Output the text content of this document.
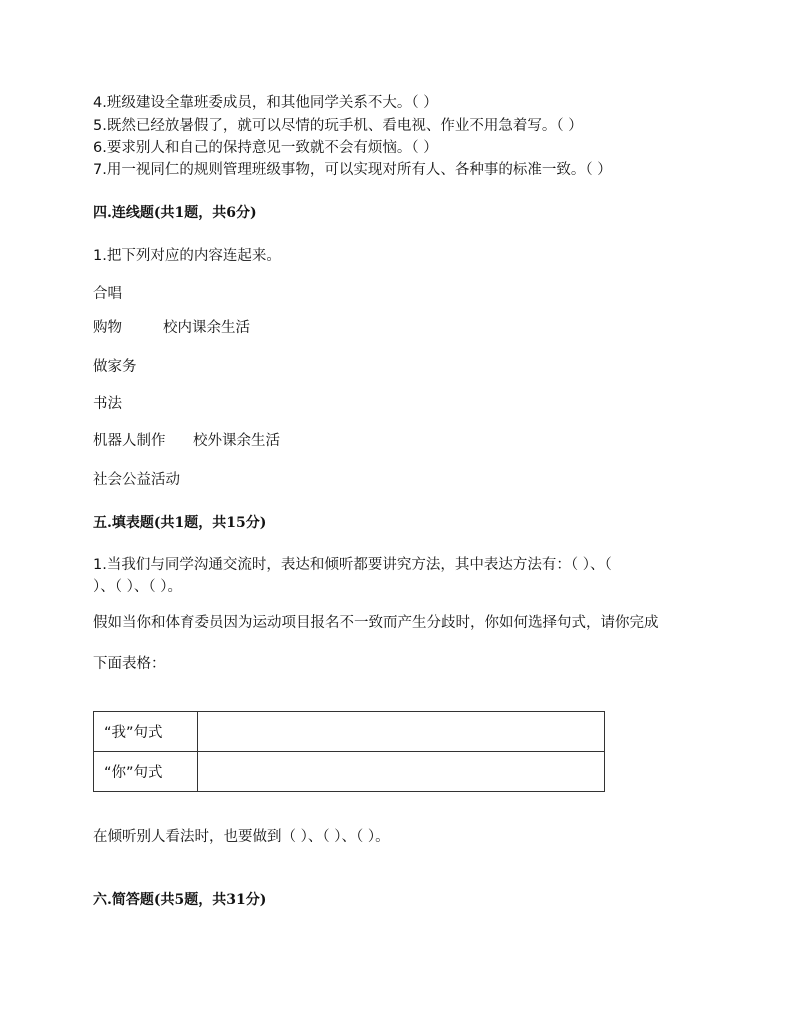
4.班级建设全靠班委成员，和其他同学关系不大。（ ）
5.既然已经放暑假了，就可以尽情的玩手机、看电视、作业不用急着写。（ ）
6.要求别人和自己的保持意见一致就不会有烦恼。（ ）
7.用一视同仁的规则管理班级事物，可以实现对所有人、各种事的标准一致。（ ）
四.连线题(共1题，共6分)
1.把下列对应的内容连起来。
合唱
购物	校内课余生活
做家务
书法
机器人制作 校外课余生活
社会公益活动
五.填表题(共1题，共15分)
1.当我们与同学沟通交流时，表达和倾听都要讲究方法，其中表达方法有：（ ）、（
）、（ ）、（ ）。
假如当你和体育委员因为运动项目报名不一致而产生分歧时，你如何选择句式，请你完成
下面表格：
“我”句式	
“你”句式	
在倾听别人看法时，也要做到（ ）、（ ）、（ ）。
六.简答题(共5题，共31分)
